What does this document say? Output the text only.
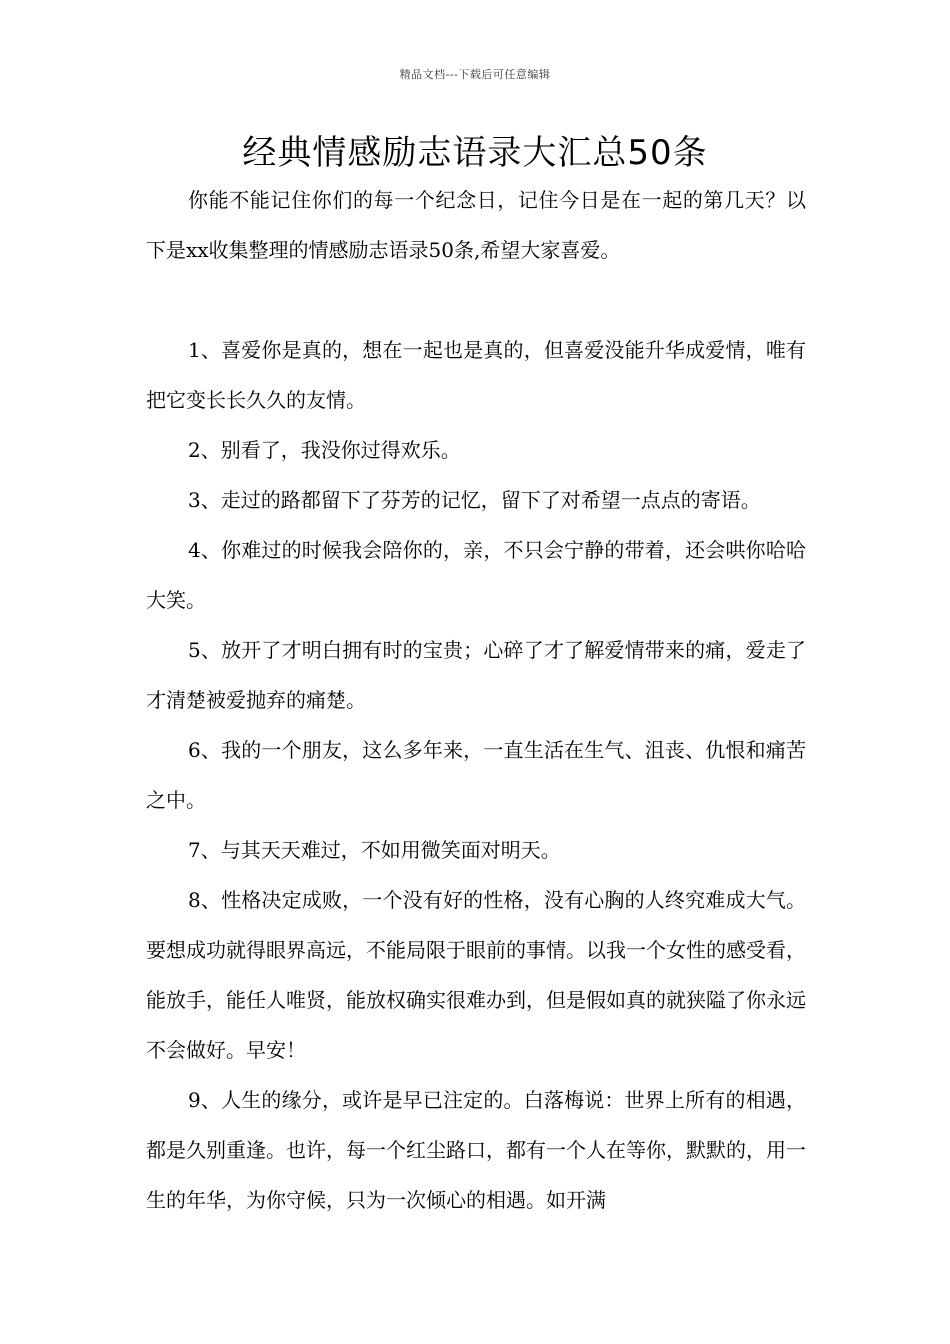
精品文档---下载后可任意编辑
经典情感励志语录大汇总50条

你能不能记住你们的每一个纪念日，记住今日是在一起的第几天？以下是xx收集整理的情感励志语录50条,希望大家喜爱。

1、喜爱你是真的，想在一起也是真的，但喜爱没能升华成爱情，唯有把它变长长久久的友情。

2、别看了，我没你过得欢乐。

3、走过的路都留下了芬芳的记忆，留下了对希望一点点的寄语。

4、你难过的时候我会陪你的，亲，不只会宁静的带着，还会哄你哈哈大笑。

5、放开了才明白拥有时的宝贵；心碎了才了解爱情带来的痛，爱走了才清楚被爱抛弃的痛楚。

6、我的一个朋友，这么多年来，一直生活在生气、沮丧、仇恨和痛苦之中。

7、与其天天难过，不如用微笑面对明天。

8、性格决定成败，一个没有好的性格，没有心胸的人终究难成大气。要想成功就得眼界高远，不能局限于眼前的事情。以我一个女性的感受看，能放手，能任人唯贤，能放权确实很难办到，但是假如真的就狭隘了你永远不会做好。早安！

9、人生的缘分，或许是早已注定的。白落梅说：世界上所有的相遇，都是久别重逢。也许，每一个红尘路口，都有一个人在等你，默默的，用一生的年华，为你守候，只为一次倾心的相遇。如开满
